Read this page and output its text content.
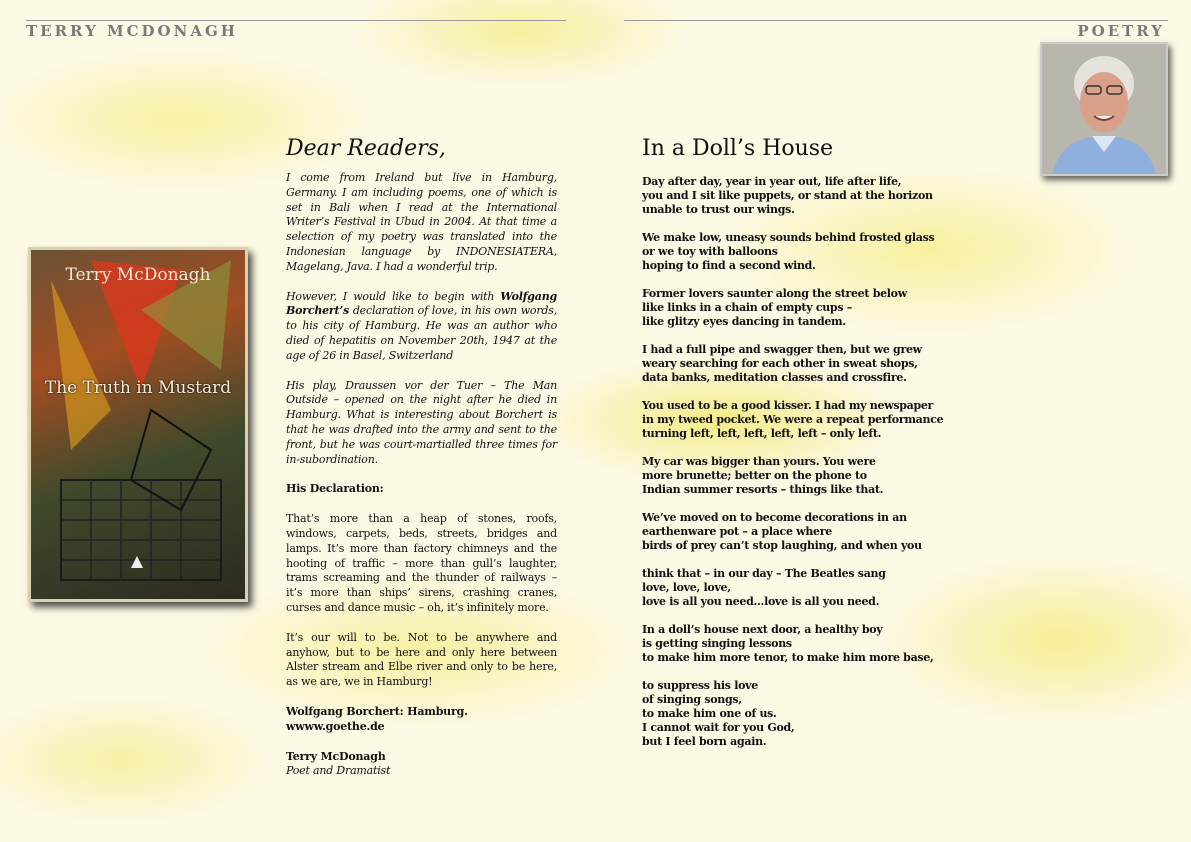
TERRY MCDONAGH	POETRY
Terry McDonagh
The Truth in Mustard
Dear Readers,

I come from Ireland but live in Hamburg, Germany. I am including poems, one of which is set in Bali when I read at the International Writer’s Festival in Ubud in 2004. At that time a selection of my poetry was translated into the Indonesian language by INDONESIATERA, Magelang, Java. I had a wonderful trip.

However, I would like to begin with Wolfgang Borchert’s declaration of love, in his own words, to his city of Hamburg. He was an author who died of hepatitis on November 20th, 1947 at the age of 26 in Basel, Switzerland

His play, Draussen vor der Tuer – The Man Outside – opened on the night after he died in Hamburg. What is interesting about Borchert is that he was drafted into the army and sent to the front, but he was court-martialled three times for in-subordination.

His Declaration:

That’s more than a heap of stones, roofs, windows, carpets, beds, streets, bridges and lamps. It’s more than factory chimneys and the hooting of traffic – more than gull’s laughter, trams screaming and the thunder of railways – it’s more than ships’ sirens, crashing cranes, curses and dance music – oh, it’s infinitely more.

It’s our will to be. Not to be anywhere and anyhow, but to be here and only here between Alster stream and Elbe river and only to be here, as we are, we in Hamburg!

Wolfgang Borchert: Hamburg.
wwww.goethe.de

Terry McDonagh
Poet and Dramatist

In a Doll’s House

Day after day, year in year out, life after life,
you and I sit like puppets, or stand at the horizon
unable to trust our wings.

We make low, uneasy sounds behind frosted glass
or we toy with balloons
hoping to find a second wind.

Former lovers saunter along the street below
like links in a chain of empty cups –
like glitzy eyes dancing in tandem.

I had a full pipe and swagger then, but we grew
weary searching for each other in sweat shops,
data banks, meditation classes and crossfire.

You used to be a good kisser. I had my newspaper
in my tweed pocket. We were a repeat performance
turning left, left, left, left, left – only left.

My car was bigger than yours. You were
more brunette; better on the phone to
Indian summer resorts – things like that.

We’ve moved on to become decorations in an
earthenware pot – a place where
birds of prey can’t stop laughing, and when you

think that – in our day – The Beatles sang
love, love, love,
love is all you need...love is all you need.

In a doll’s house next door, a healthy boy
is getting singing lessons
to make him more tenor, to make him more base,

to suppress his love
of singing songs,
to make him one of us.
I cannot wait for you God,
but I feel born again.
